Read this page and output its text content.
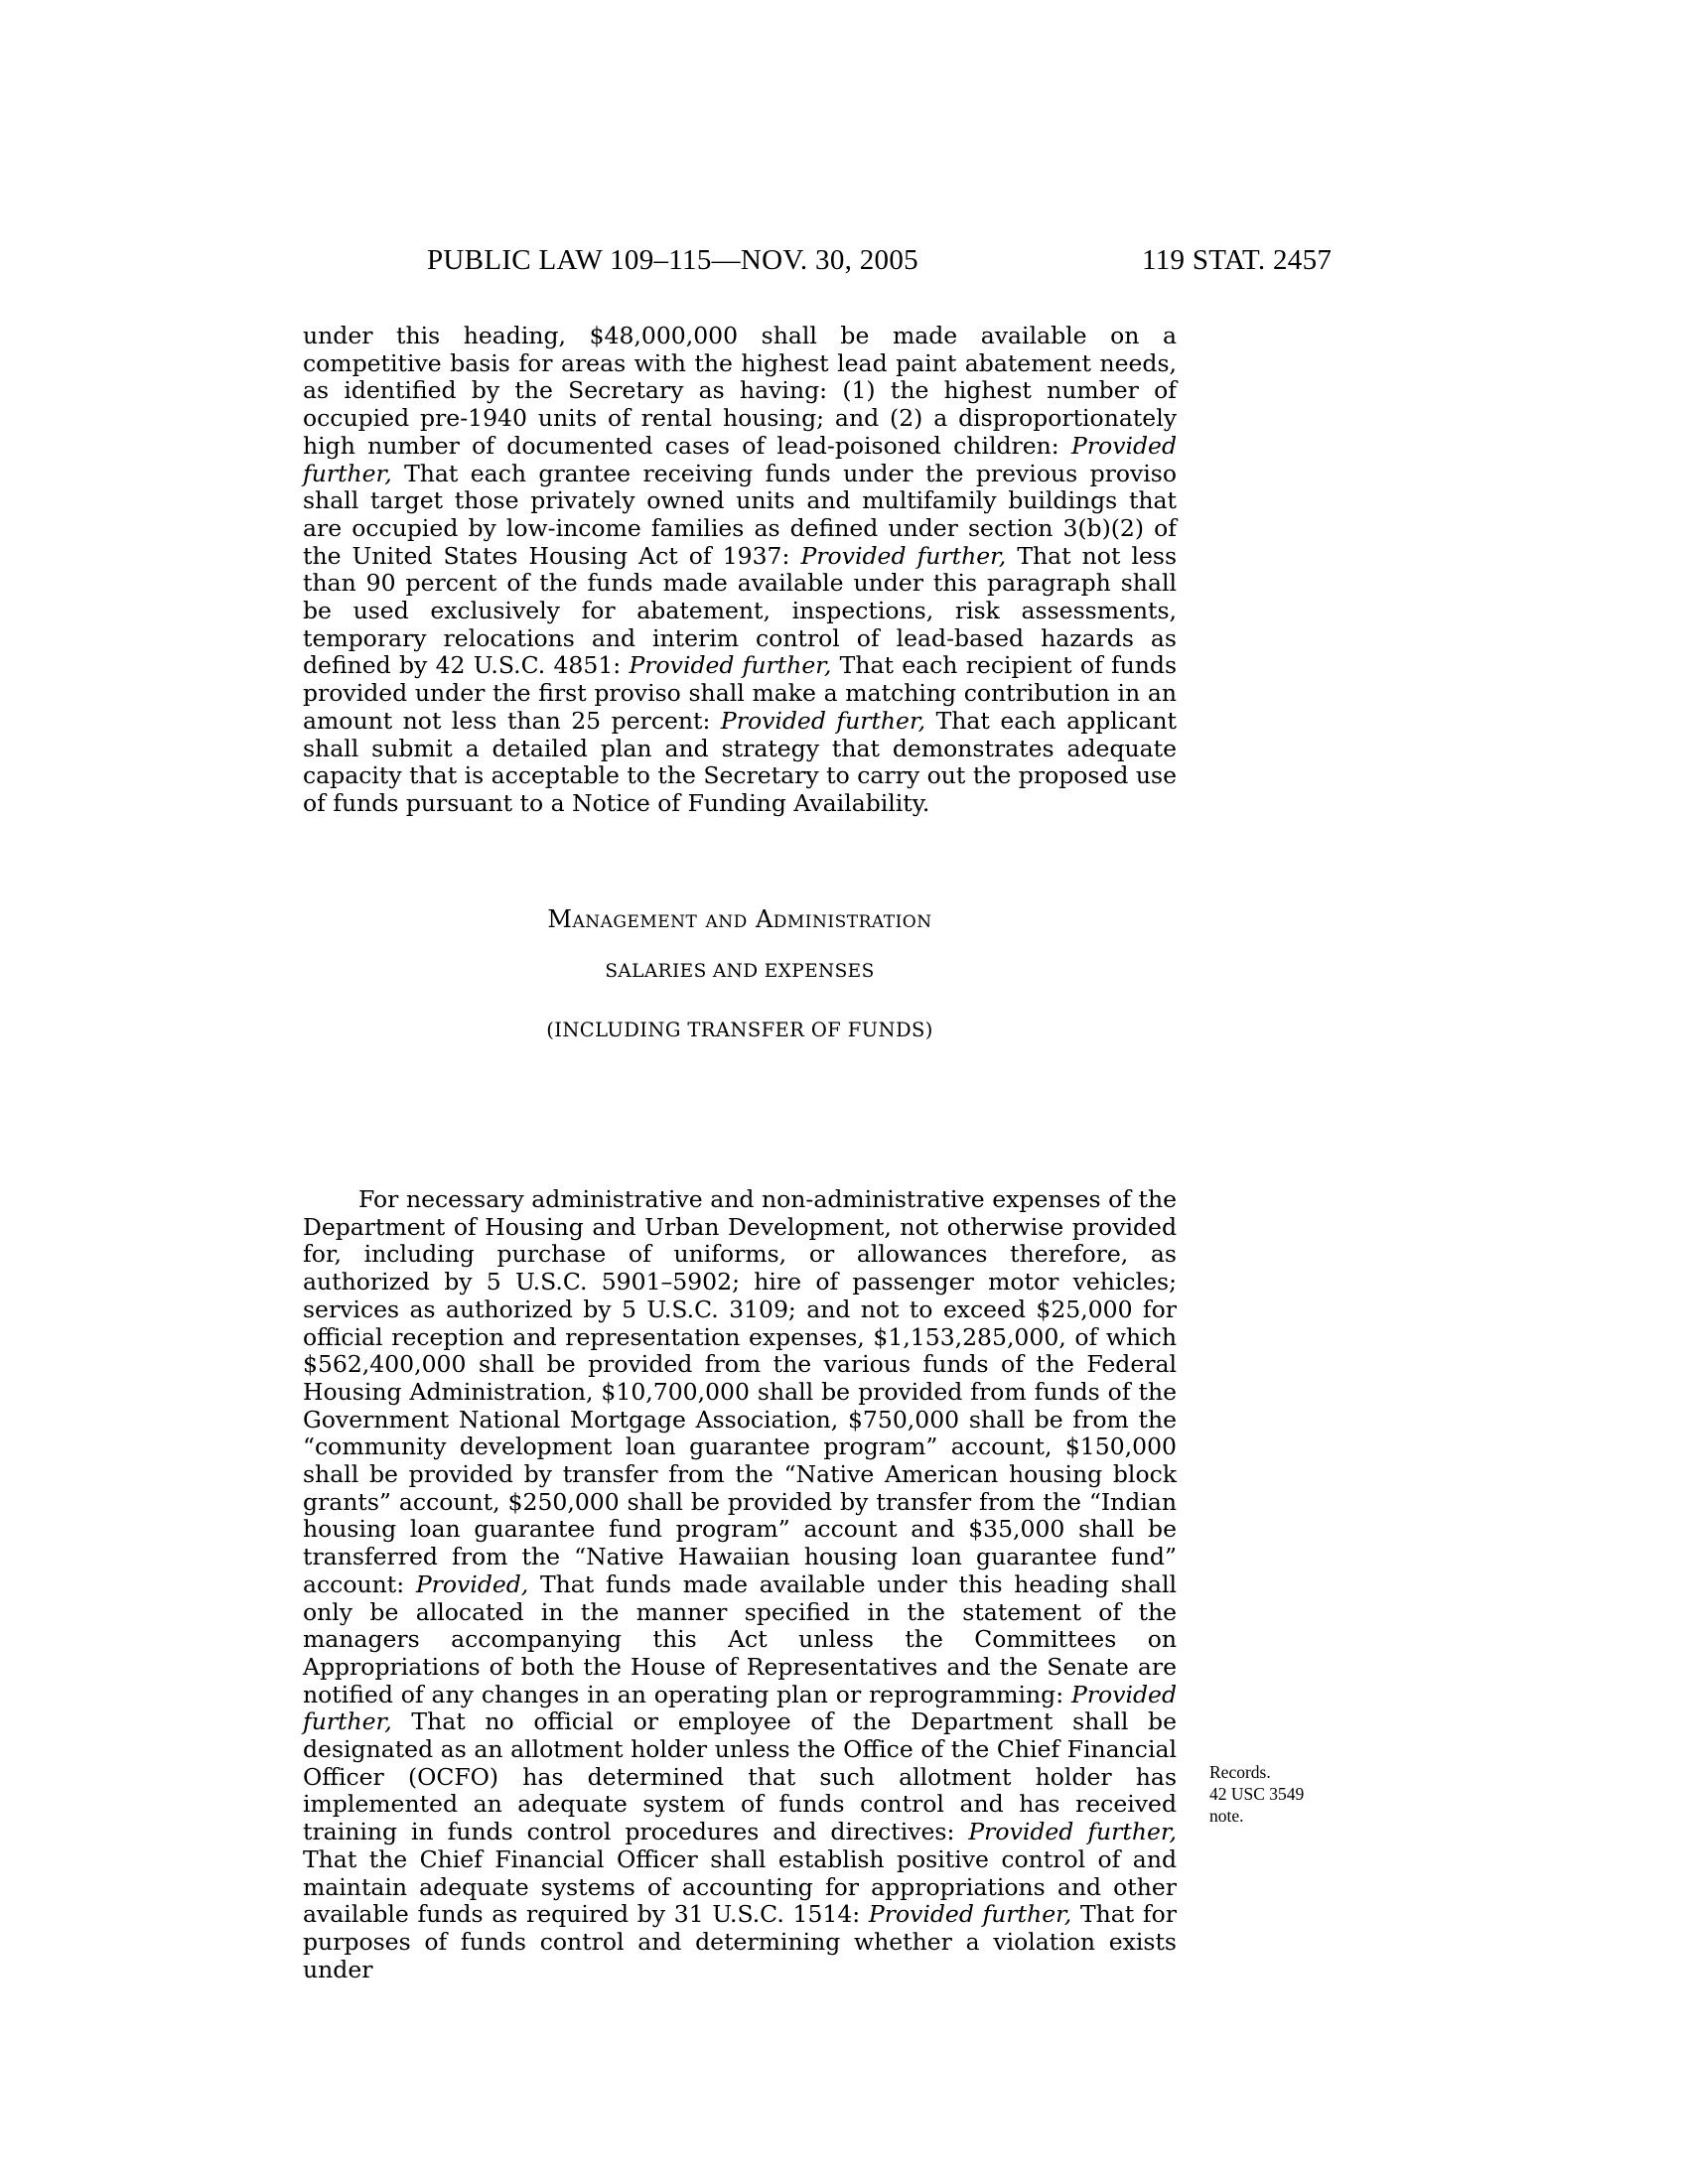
PUBLIC LAW 109–115—NOV. 30, 2005	119 STAT. 2457

under this heading, $48,000,000 shall be made available on a competitive basis for areas with the highest lead paint abatement needs, as identified by the Secretary as having: (1) the highest number of occupied pre-1940 units of rental housing; and (2) a disproportionately high number of documented cases of lead-poisoned children: Provided further, That each grantee receiving funds under the previous proviso shall target those privately owned units and multifamily buildings that are occupied by low-income families as defined under section 3(b)(2) of the United States Housing Act of 1937: Provided further, That not less than 90 percent of the funds made available under this paragraph shall be used exclusively for abatement, inspections, risk assessments, temporary relocations and interim control of lead-based hazards as defined by 42 U.S.C. 4851: Provided further, That each recipient of funds provided under the first proviso shall make a matching contribution in an amount not less than 25 percent: Provided further, That each applicant shall submit a detailed plan and strategy that demonstrates adequate capacity that is acceptable to the Secretary to carry out the proposed use of funds pursuant to a Notice of Funding Availability.

Management and Administration
SALARIES AND EXPENSES
(INCLUDING TRANSFER OF FUNDS)

For necessary administrative and non-administrative expenses of the Department of Housing and Urban Development, not otherwise provided for, including purchase of uniforms, or allowances therefore, as authorized by 5 U.S.C. 5901–5902; hire of passenger motor vehicles; services as authorized by 5 U.S.C. 3109; and not to exceed $25,000 for official reception and representation expenses, $1,153,285,000, of which $562,400,000 shall be provided from the various funds of the Federal Housing Administration, $10,700,000 shall be provided from funds of the Government National Mortgage Association, $750,000 shall be from the “community development loan guarantee program” account, $150,000 shall be provided by transfer from the “Native American housing block grants” account, $250,000 shall be provided by transfer from the “Indian housing loan guarantee fund program” account and $35,000 shall be transferred from the “Native Hawaiian housing loan guarantee fund” account: Provided, That funds made available under this heading shall only be allocated in the manner specified in the statement of the managers accompanying this Act unless the Committees on Appropriations of both the House of Representatives and the Senate are notified of any changes in an operating plan or reprogramming: Provided further, That no official or employee of the Department shall be designated as an allotment holder unless the Office of the Chief Financial Officer (OCFO) has determined that such allotment holder has implemented an adequate system of funds control and has received training in funds control procedures and directives: Provided further, That the Chief Financial Officer shall establish positive control of and maintain adequate systems of accounting for appropriations and other available funds as required by 31 U.S.C. 1514: Provided further, That for purposes of funds control and determining whether a violation exists under

Records.
42 USC 3549
note.
